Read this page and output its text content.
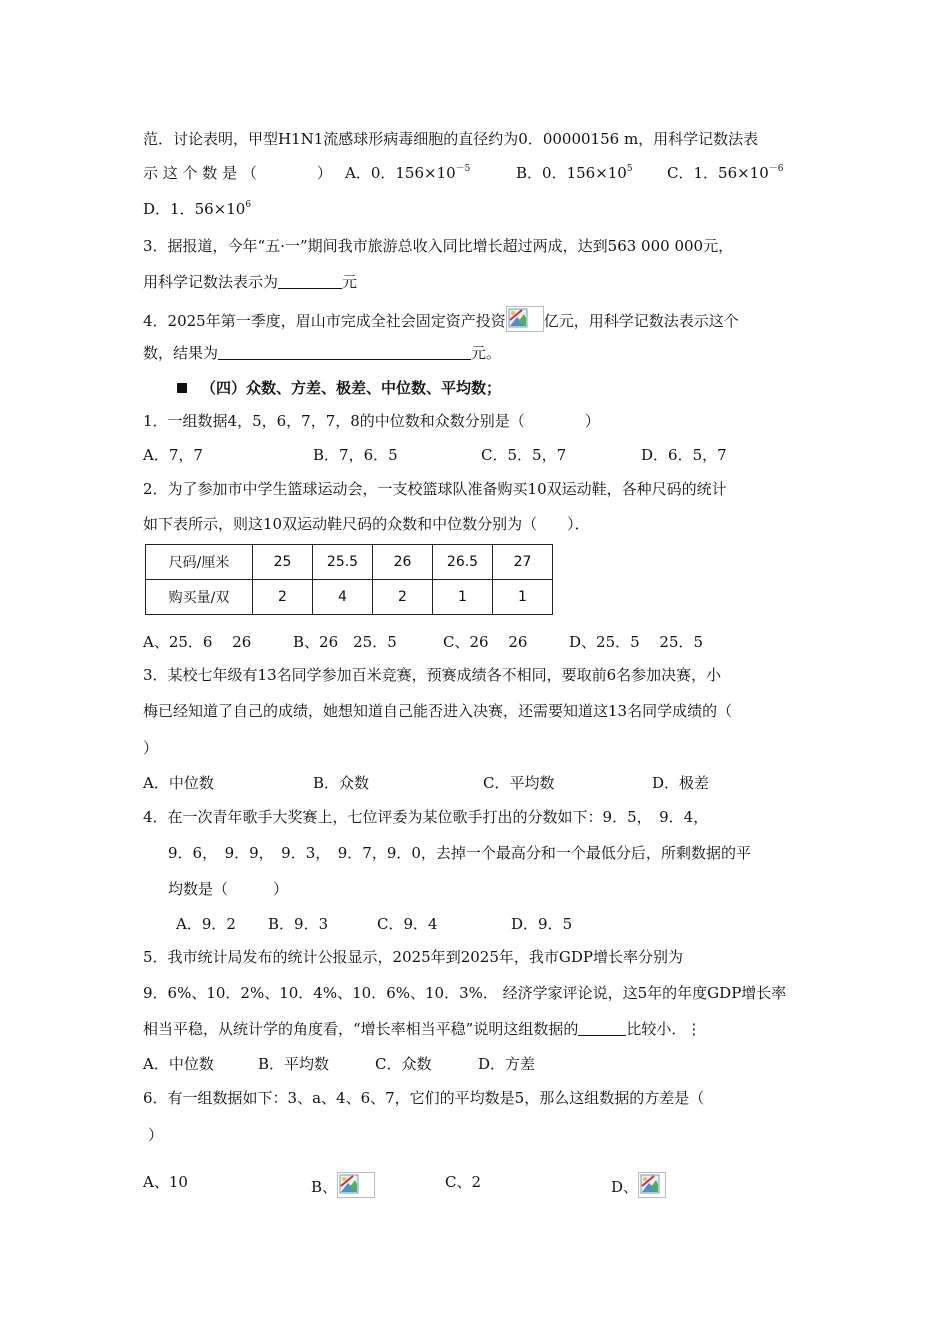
范．讨论表明，甲型H1N1流感球形病毒细胞的直径约为0．00000156 m，用科学记数法表
示 这 个 数 是 （	） A．0．$156\times 10^{-5}$	B．0．$156\times 10^5$ C．1．$56\times 10^{-6}$
D．1．$56\times 10^6$
3．据报道，今年“五·一”期间我市旅游总收入同比增长超过两成，达到563 000 000元，
用科学记数法表示为	元
4．2025年第一季度，眉山市完成全社会固定资产投资	亿元，用科学记数法表示这个
数，结果为	元。
（四）众数、方差、极差、中位数、平均数；
1．一组数据4，5，6，7，7，8的中位数和众数分别是（	）
A．7，7	B．7，6．5	C．5．5，7	D．6．5，7
2．为了参加市中学生篮球运动会，一支校篮球队准备购买10双运动鞋，各种尺码的统计
如下表所示，则这10双运动鞋尺码的众数和中位数分别为（　　）．
尺码/厘米	25	25.5	26	26.5	27
购买量/双	2	4	2	1	1
A、25．6　 26	B、26　25．5	C、26　 26	D、25．5　 25．5
3．某校七年级有13名同学参加百米竞赛，预赛成绩各不相同，要取前6名参加决赛，小
梅已经知道了自己的成绩，她想知道自己能否进入决赛，还需要知道这13名同学成绩的（
）
A．中位数	B．众数	C．平均数	D．极差
4．在一次青年歌手大奖赛上，七位评委为某位歌手打出的分数如下：9．5，　9．4，
9．6，　9．9，　9．3，　9．7，9．0，去掉一个最高分和一个最低分后，所剩数据的平
均数是（　　　）
A．9．2 B．9．3	C．9．4	D．9．5
5．我市统计局发布的统计公报显示，2025年到2025年，我市GDP增长率分别为
9．6%、10．2%、10．4%、10．6%、10．3%． 经济学家评论说，这5年的年度GDP增长率
相当平稳，从统计学的角度看，“增长率相当平稳”说明这组数据的	比较小．⋮
A．中位数	B．平均数	C．众数	D．方差
6．有一组数据如下：3、a、4、6、7，它们的平均数是5，那么这组数据的方差是（
）
A、10	B、	C、2	D、
